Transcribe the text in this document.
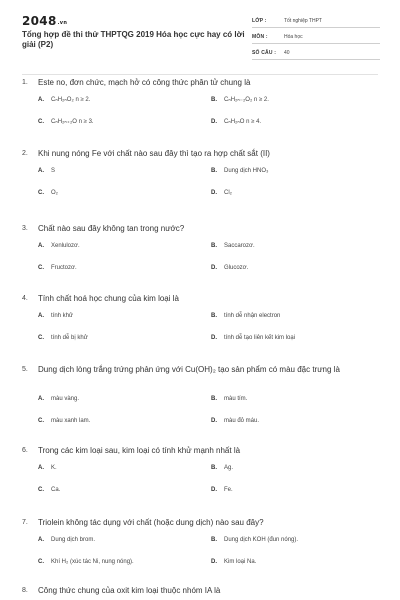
2048.vn
Tổng hợp đề thi thử THPTQG 2019 Hóa học cực hay có lời giải (P2)
LỚP :	Tốt nghiệp THPT
MÔN :	Hóa học
SỐ CÂU :	40
1.	Este no, đơn chức, mạch hở có công thức phân tử chung là
A.	CₙH₂ₙO₂ n ≥ 2.	B.	CₙH₂ₙ₋₂O₂ n ≥ 2.
C.	CₙH₂ₙ₊₂O n ≥ 3.	D.	CₙH₂ₙO n ≥ 4.
2.	Khi nung nóng Fe với chất nào sau đây thì tạo ra hợp chất sắt (II)
A.	S	B.	Dung dịch HNO₃
C.	O₂	D.	Cl₂
3.	Chất nào sau đây không tan trong nước?
A.	Xenlulozơ.	B.	Saccarozơ.
C.	Fructozơ.	D.	Glucozơ.
4.	Tính chất hoá học chung của kim loại là
A.	tính khử	B.	tính dễ nhận electron
C.	tính dễ bị khử	D.	tính dễ tạo liên kết kim loại
5.	Dung dịch lòng trắng trứng phản ứng với Cu(OH)₂ tạo sản phẩm có màu đặc trưng là
A.	màu vàng.	B.	màu tím.
C.	màu xanh lam.	D.	màu đỏ máu.
6.	Trong các kim loại sau, kim loại có tính khử mạnh nhất là
A.	K.	B.	Ag.
C.	Ca.	D.	Fe.
7.	Triolein không tác dụng với chất (hoặc dung dịch) nào sau đây?
A.	Dung dịch brom.	B.	Dung dịch KOH (đun nóng).
C.	Khí H₂ (xúc tác Ni, nung nóng).	D.	Kim loại Na.
8.	Công thức chung của oxit kim loại thuộc nhóm IA là
